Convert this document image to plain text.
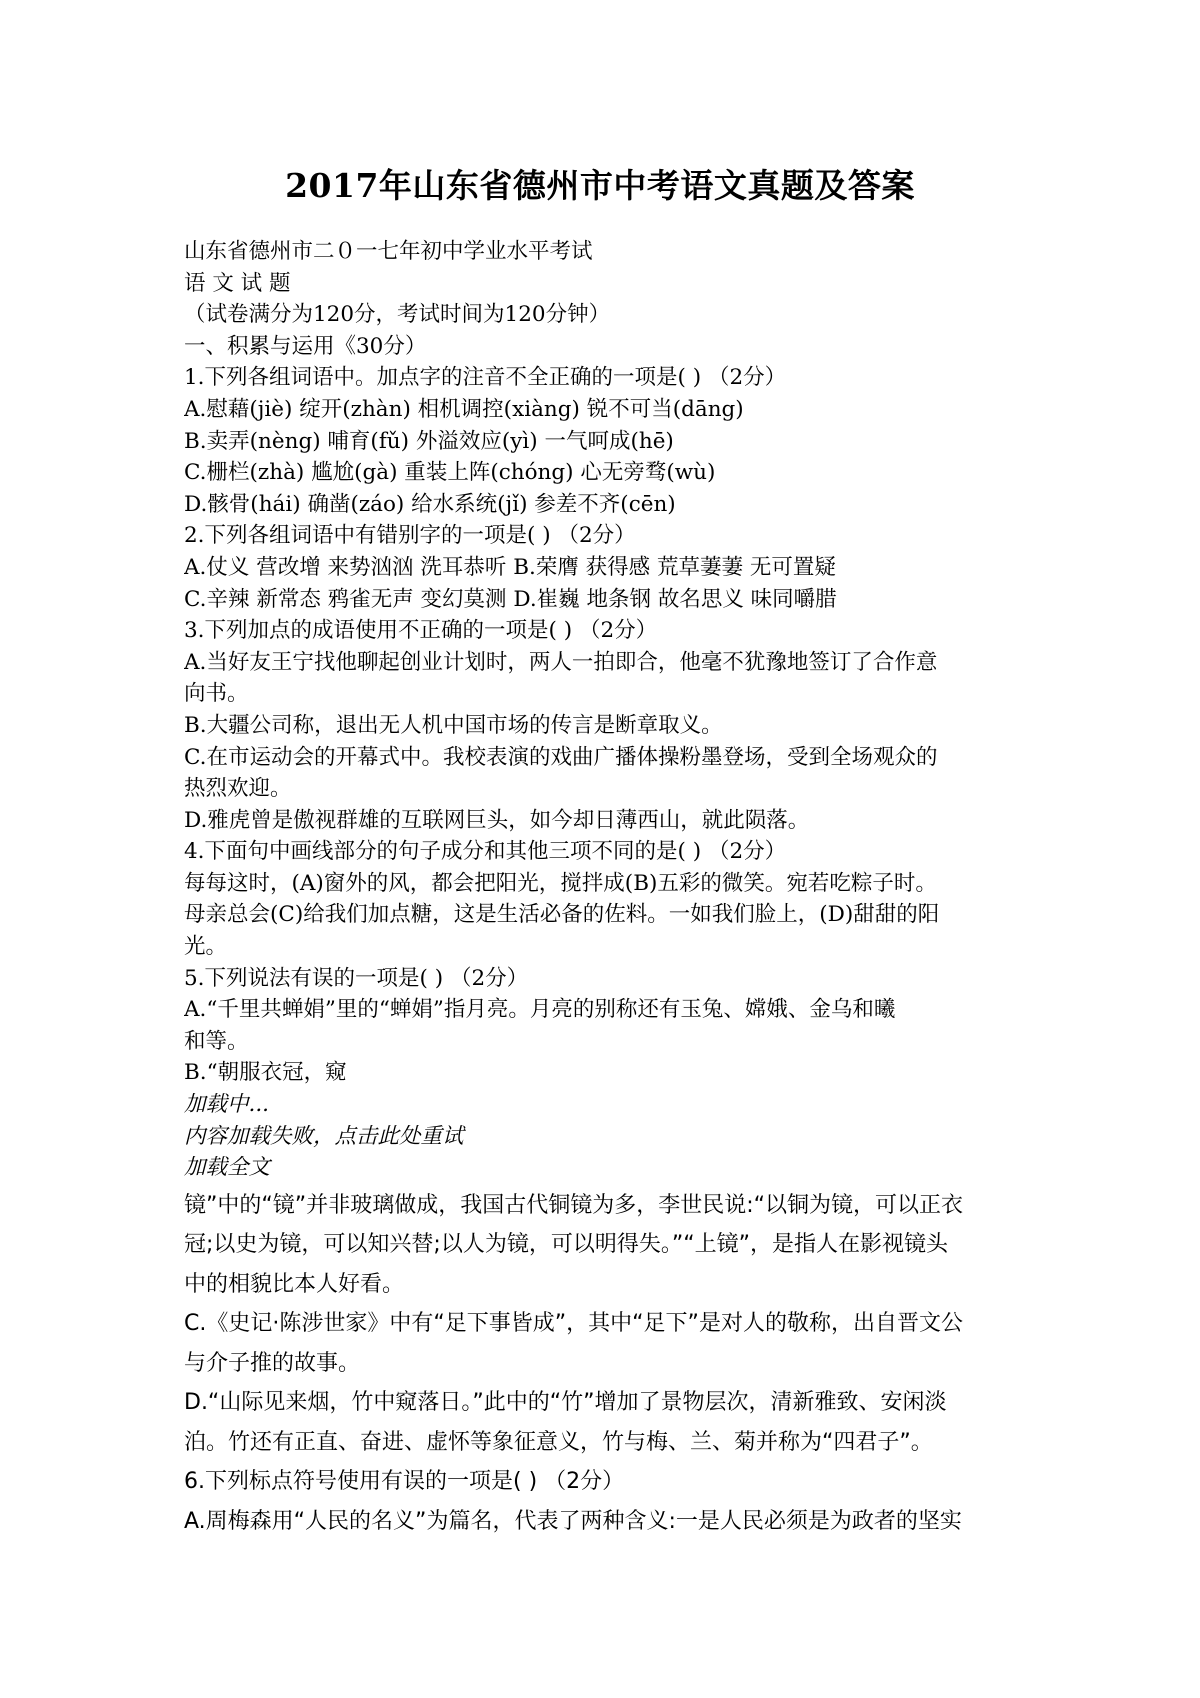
2017年山东省德州市中考语文真题及答案
山东省德州市二０一七年初中学业水平考试
语 文 试 题
（试卷满分为120分，考试时间为120分钟）
一、积累与运用《30分）
1.下列各组词语中。加点字的注音不全正确的一项是( ) （2分）
A.慰藉(jiè) 绽开(zhàn) 相机调控(xiàng) 锐不可当(dāng)
B.卖弄(nèng) 哺育(fǔ) 外溢效应(yì) 一气呵成(hē)
C.栅栏(zhà) 尴尬(gà) 重装上阵(chóng) 心无旁骛(wù)
D.骸骨(hái) 确凿(záo) 给水系统(jǐ) 参差不齐(cēn)
2.下列各组词语中有错别字的一项是( ) （2分）
A.仗义 营改增 来势汹汹 洗耳恭听 B.荣膺 获得感 荒草萋萋 无可置疑
C.辛辣 新常态 鸦雀无声 变幻莫测 D.崔巍 地条钢 故名思义 味同嚼腊
3.下列加点的成语使用不正确的一项是( ) （2分）
A.当好友王宁找他聊起创业计划时，两人一拍即合，他毫不犹豫地签订了合作意
向书。
B.大疆公司称，退出无人机中国市场的传言是断章取义。
C.在市运动会的开幕式中。我校表演的戏曲广播体操粉墨登场，受到全场观众的
热烈欢迎。
D.雅虎曾是傲视群雄的互联网巨头，如今却日薄西山，就此陨落。
4.下面句中画线部分的句子成分和其他三项不同的是( ) （2分）
每每这时，(A)窗外的风，都会把阳光，搅拌成(B)五彩的微笑。宛若吃粽子时。
母亲总会(C)给我们加点糖，这是生活必备的佐料。一如我们脸上，(D)甜甜的阳
光。
5.下列说法有误的一项是( ) （2分）
A.“千里共蝉娟”里的“蝉娟”指月亮。月亮的别称还有玉兔、嫦娥、金乌和曦
和等。
B.“朝服衣冠，窥
加载中...
内容加载失败，点击此处重试
加载全文
镜”中的“镜”并非玻璃做成，我国古代铜镜为多，李世民说:“以铜为镜，可以正衣
冠;以史为镜，可以知兴替;以人为镜，可以明得失。”“上镜”，是指人在影视镜头
中的相貌比本人好看。
C.《史记·陈涉世家》中有“足下事皆成”，其中“足下”是对人的敬称，出自晋文公
与介子推的故事。
D.“山际见来烟，竹中窥落日。”此中的“竹”增加了景物层次，清新雅致、安闲淡
泊。竹还有正直、奋进、虚怀等象征意义，竹与梅、兰、菊并称为“四君子”。
6.下列标点符号使用有误的一项是( ) （2分）
A.周梅森用“人民的名义”为篇名，代表了两种含义:一是人民必须是为政者的坚实
